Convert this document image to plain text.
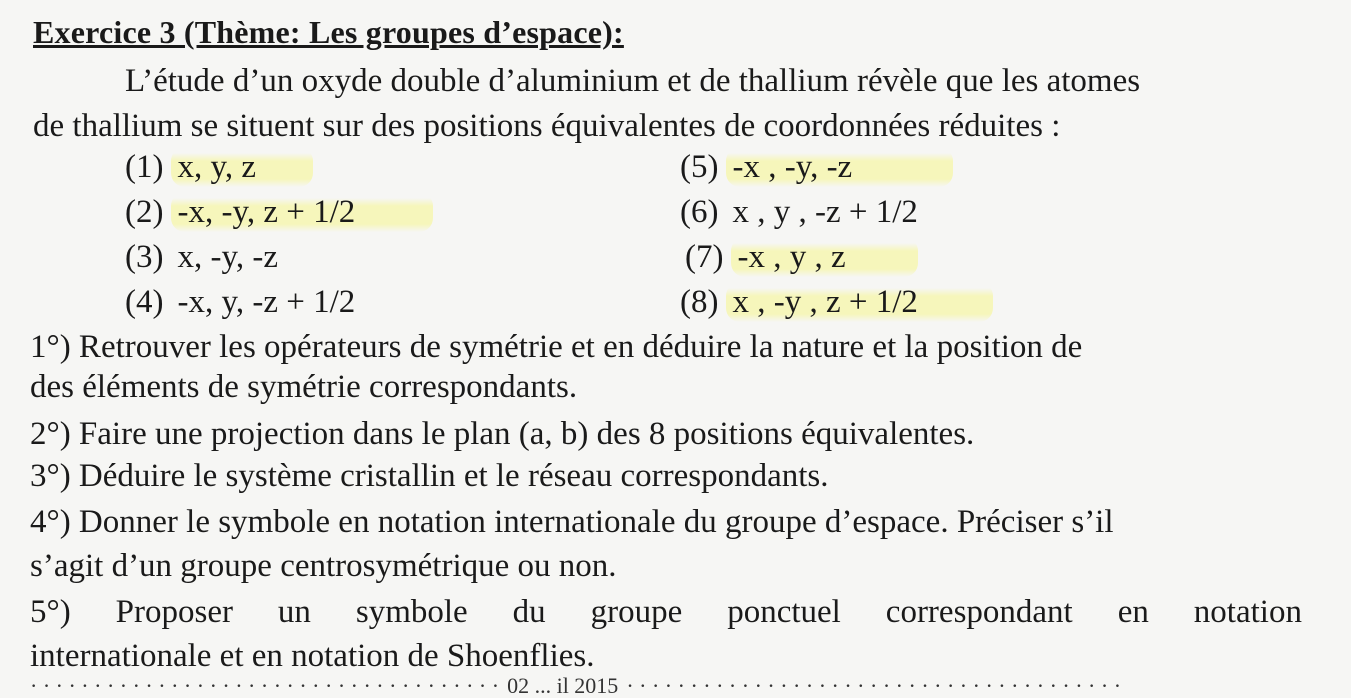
Exercice 3 (Thème: Les groupes d’espace):
L’étude d’un oxyde double d’aluminium et de thallium révèle que les atomes
de thallium se situent sur des positions équivalentes de coordonnées réduites :
(1) x, y, z
(2) -x, -y, z + 1/2
(3) x, -y, -z
(4) -x, y, -z + 1/2
(5) -x , -y, -z
(6) x , y , -z + 1/2
(7) -x , y , z
(8) x , -y , z + 1/2
1°) Retrouver les opérateurs de symétrie et en déduire la nature et la position de
des éléments de symétrie correspondants.
2°) Faire une projection dans le plan (a, b) des 8 positions équivalentes.
3°) Déduire le système cristallin et le réseau correspondants.
4°) Donner le symbole en notation internationale du groupe d’espace. Préciser s’il
s’agit d’un groupe centrosymétrique ou non.
5°) Proposer un symbole du groupe ponctuel correspondant en notation
internationale et en notation de Shoenflies.
· · · · · · · · · · · · · · · · · · · · · · · · · · · · · · · · · · · · · 02 ... il 2015 · · · · · · · · · · · · · · · · · · · · · · · · · · · · · · · · · · · · · · ·
